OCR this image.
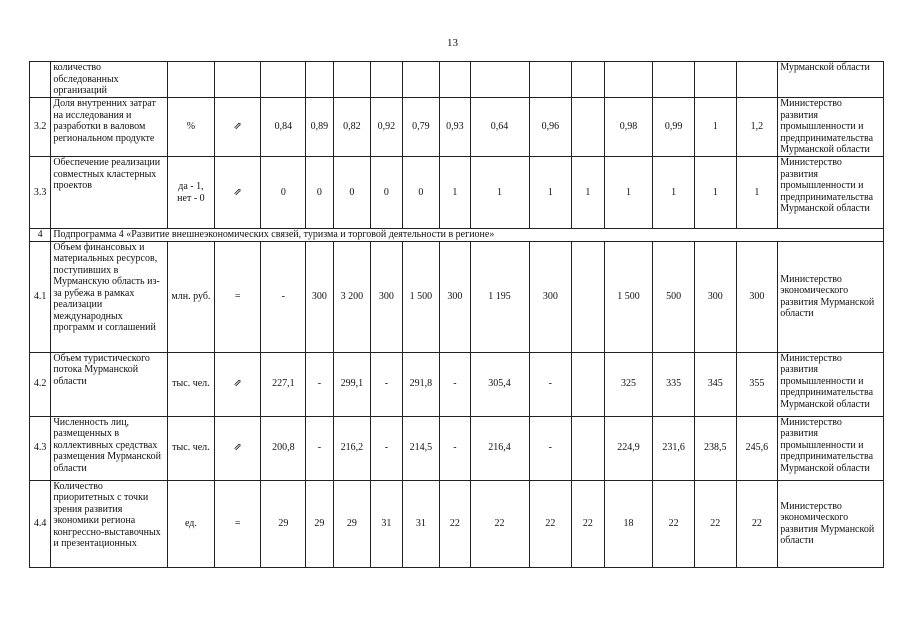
13
	количество обследованных организаций																Мурманской области
3.2	Доля внутренних затрат на исследования и разработки в валовом региональном продукте	%	⇗	0,84	0,89	0,82	0,92	0,79	0,93	0,64	0,96		0,98	0,99	1	1,2	Министерство развития промышленности и предпринимательства Мурманской области
3.3	Обеспечение реализации совместных кластерных проектов	да - 1, нет - 0	⇗	0	0	0	0	0	1	1	1	1	1	1	1	1	Министерство развития промышленности и предпринимательства Мурманской области
4	Подпрограмма 4 «Развитие внешнеэкономических связей, туризма и торговой деятельности в регионе»																
4.1	Объем финансовых и материальных ресурсов, поступивших в Мурманскую область из-за рубежа в рамках реализации международных программ и соглашений	млн. руб.	=	-	300	3 200	300	1 500	300	1 195	300		1 500	500	300	300	Министерство экономического развития Мурманской области
4.2	Объем туристического потока Мурманской области	тыс. чел.	⇗	227,1	-	299,1	-	291,8	-	305,4	-		325	335	345	355	Министерство развития промышленности и предпринимательства Мурманской области
4.3	Численность лиц, размещенных в коллективных средствах размещения Мурманской области	тыс. чел.	⇗	200,8	-	216,2	-	214,5	-	216,4	-		224,9	231,6	238,5	245,6	Министерство развития промышленности и предпринимательства Мурманской области
4.4	Количество приоритетных с точки зрения развития экономики региона конгрессно-выставочных и презентационных	ед.	=	29	29	29	31	31	22	22	22	22	18	22	22	22	Министерство экономического развития Мурманской области
